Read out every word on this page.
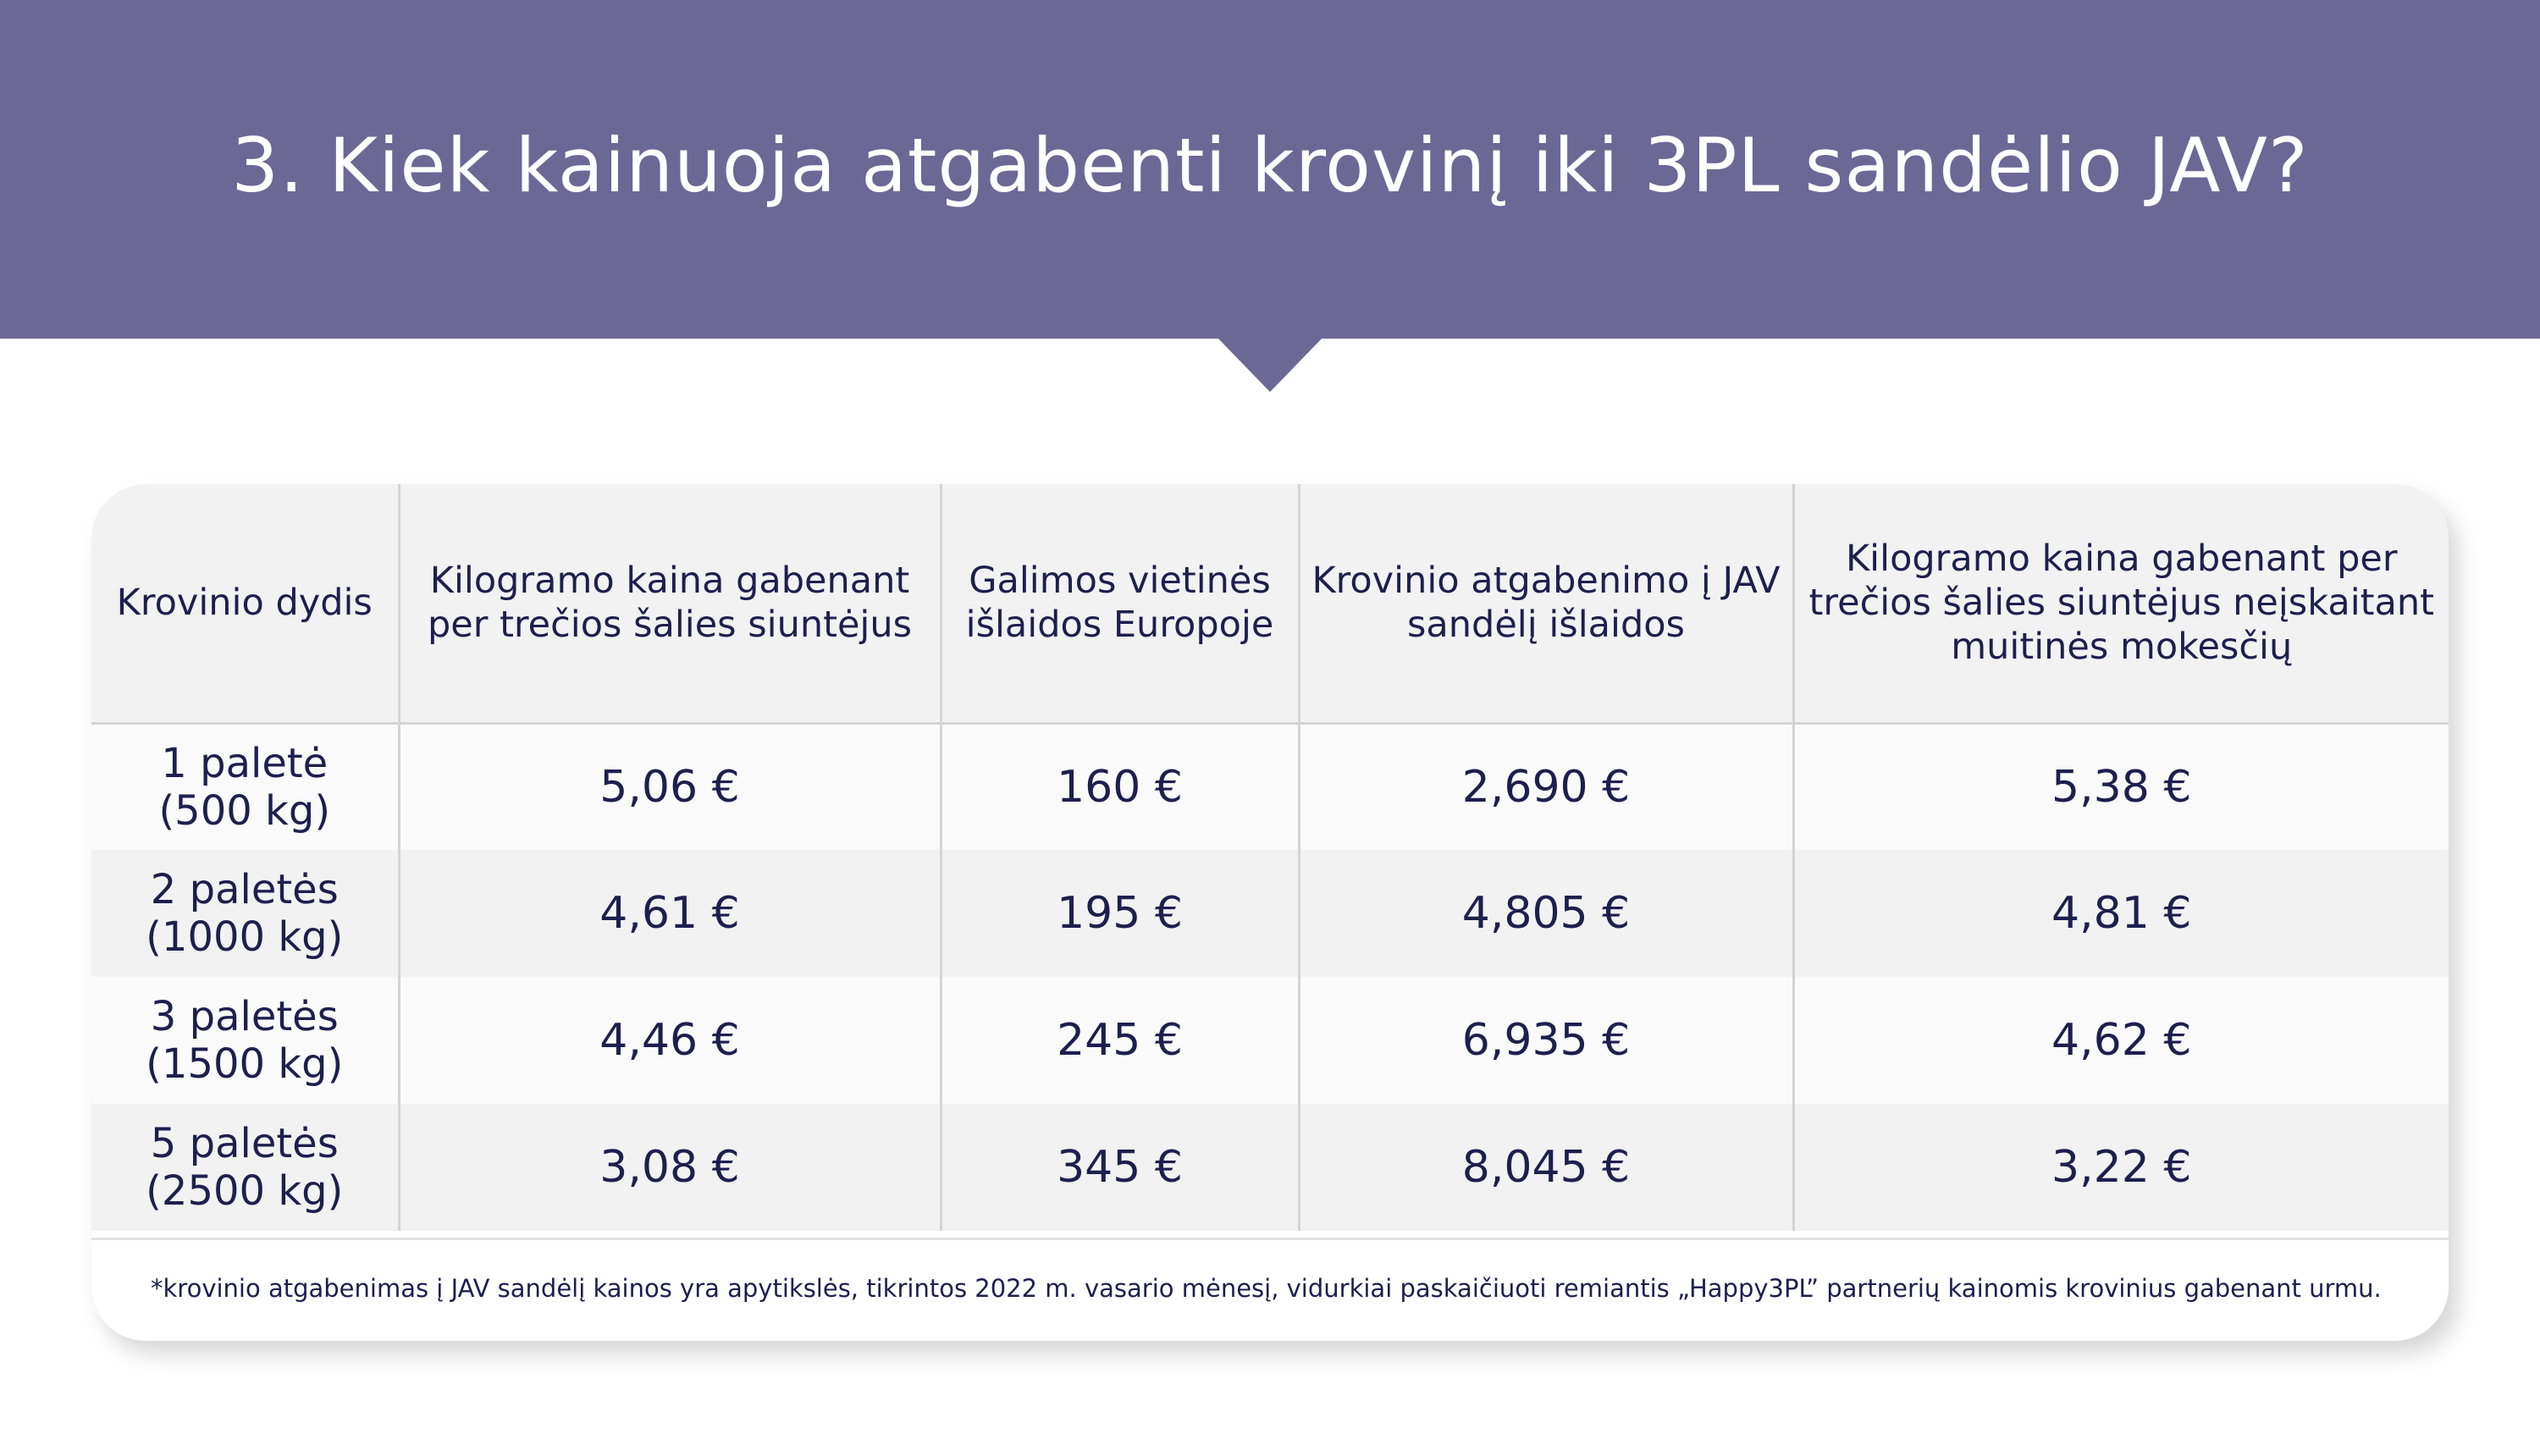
3. Kiek kainuoja atgabenti krovinį iki 3PL sandėlio JAV?
Krovinio dydis	Kilogramo kaina gabenant per trečios šalies siuntėjus	Galimos vietinės išlaidos Europoje	Krovinio atgabenimo į JAV sandėlį išlaidos	Kilogramo kaina gabenant per trečios šalies siuntėjus neįskaitant muitinės mokesčių

1 paletė
(500 kg)	5,06 €	160 €	2,690 €	5,38 €

2 paletės
(1000 kg)	4,61 €	195 €	4,805 €	4,81 €

3 paletės
(1500 kg)	4,46 €	245 €	6,935 €	4,62 €

5 paletės
(2500 kg)	3,08 €	345 €	8,045 €	3,22 €
*krovinio atgabenimas į JAV sandėlį kainos yra apytikslės, tikrintos 2022 m. vasario mėnesį, vidurkiai paskaičiuoti remiantis „Happy3PL” partnerių kainomis krovinius gabenant urmu.
